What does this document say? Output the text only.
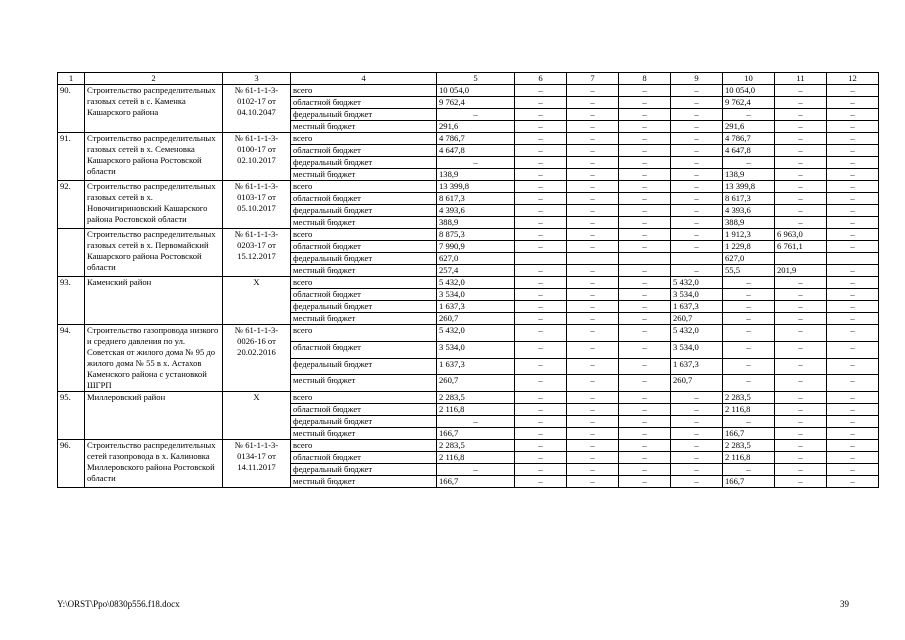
1	2	3	4	5	6	7	8	9	10	11	12
90.	Строительство распределительных газовых сетей в с. Каменка Кашарского района	№ 61-1-1-3- 0102-17 от 04.10.2047	всего	10 054,0	–	–	–	–	10 054,0	–	–
			областной бюджет	9 762,4	–	–	–	–	9 762,4	–	–
			федеральный бюджет	–	–	–	–	–	–	–	–
			местный бюджет	291,6	–	–	–	–	291,6	–	–
91.	Строительство распределительных газовых сетей в х. Семеновка Кашарского района Ростовской области	№ 61-1-1-3- 0100-17 от 02.10.2017	всего	4 786,7	–	–	–	–	4 786,7	–	–
			областной бюджет	4 647,8	–	–	–	–	4 647,8	–	–
			федеральный бюджет	–	–	–	–	–	–	–	–
			местный бюджет	138,9	–	–	–	–	138,9	–	–
92.	Строительство распределительных газовых сетей в х. Новочигириновский Кашарского района Ростовской области	№ 61-1-1-3- 0103-17 от 05.10.2017	всего	13 399,8	–	–	–	–	13 399,8	–	–
			областной бюджет	8 617,3	–	–	–	–	8 617,3	–	–
			федеральный бюджет	4 393,6	–	–	–	–	4 393,6	–	–
			местный бюджет	388,9	–	–	–	–	388,9	–	–
	Строительство распределительных газовых сетей в х. Первомайский Кашарского района Ростовской области	№ 61-1-1-3- 0203-17 от 15.12.2017	всего	8 875,3	–	–	–	–	1 912,3	6 963,0	–
			областной бюджет	7 990,9	–	–	–	–	1 229,8	6 761,1	–
			федеральный бюджет	627,0					627,0		
			местный бюджет	257,4	–	–	–	–	55,5	201,9	–
93.	Каменский район	Х	всего	5 432,0	–	–	–	5 432,0	–	–	–
			областной бюджет	3 534,0	–	–	–	3 534,0	–	–	–
			федеральный бюджет	1 637,3	–	–	–	1 637,3	–	–	–
			местный бюджет	260,7	–	–	–	260,7	–	–	–
94.	Строительство газопровода низкого и среднего давления по ул. Советская от жилого дома № 95 до жилого дома № 55 в х. Астахов Каменского района с установкой ШГРП	№ 61-1-1-3- 0026-16 от 20.02.2016	всего	5 432,0	–	–	–	5 432,0	–	–	–
			областной бюджет	3 534,0	–	–	–	3 534,0	–	–	–
			федеральный бюджет	1 637,3	–	–	–	1 637,3	–	–	–
			местный бюджет	260,7	–	–	–	260,7	–	–	–
95.	Миллеровский район	Х	всего	2 283,5	–	–	–	–	2 283,5	–	–
			областной бюджет	2 116,8	–	–	–	–	2 116,8	–	–
			федеральный бюджет	–	–	–	–	–	–	–	–
			местный бюджет	166,7	–	–	–	–	166,7	–	–
96.	Строительство распределительных сетей газопровода в х. Калиновка Миллеровского района Ростовской области	№ 61-1-1-3- 0134-17 от 14.11.2017	всего	2 283,5	–	–	–	–	2 283,5	–	–
			областной бюджет	2 116,8	–	–	–	–	2 116,8	–	–
			федеральный бюджет	–	–	–	–	–	–	–	–
			местный бюджет	166,7	–	–	–	–	166,7	–	–
Y:\ORST\Ppo\0830p556.f18.docx	39
